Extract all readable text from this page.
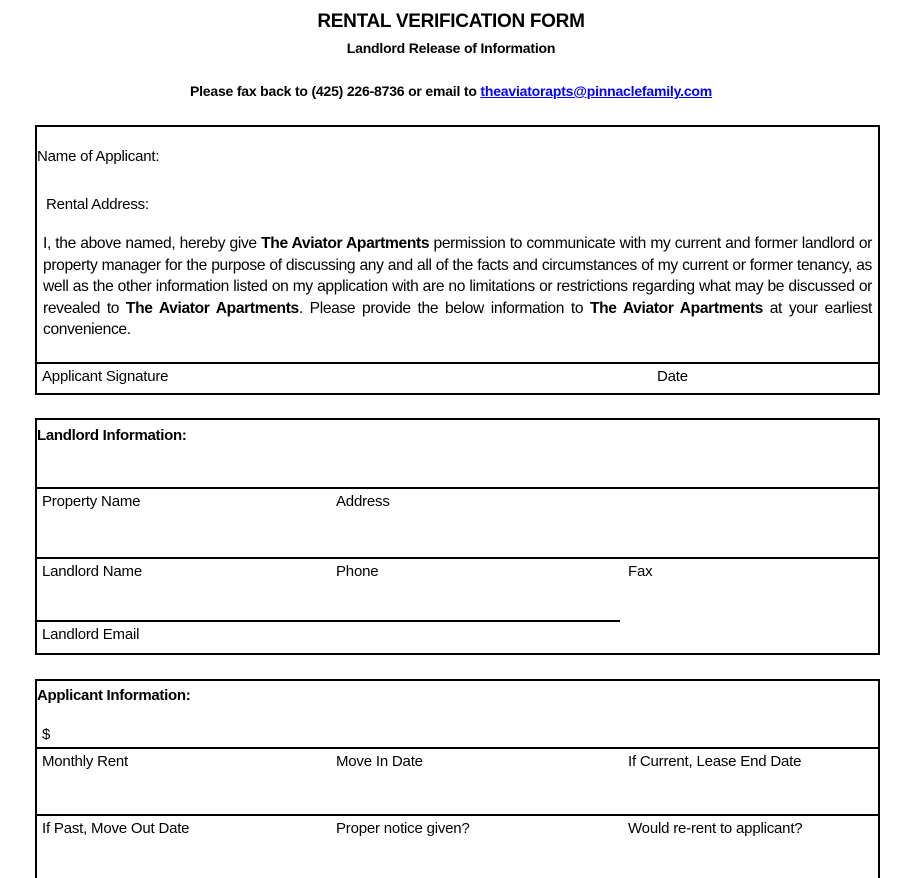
RENTAL VERIFICATION FORM
Landlord Release of Information
Please fax back to (425) 226-8736 or email to theaviatorapts@pinnaclefamily.com
Name of Applicant:
Rental Address:
I, the above named, hereby give The Aviator Apartments permission to communicate with my current and former landlord or property manager for the purpose of discussing any and all of the facts and circumstances of my current or former tenancy, as well as the other information listed on my application with are no limitations or restrictions regarding what may be discussed or revealed to The Aviator Apartments. Please provide the below information to The Aviator Apartments at your earliest convenience.
Applicant Signature	Date
Landlord Information:
Property Name	Address
Landlord Name	Phone	Fax
Landlord Email
Applicant Information:
$
Monthly Rent	Move In Date	If Current, Lease End Date
If Past, Move Out Date	Proper notice given?	Would re-rent to applicant?
